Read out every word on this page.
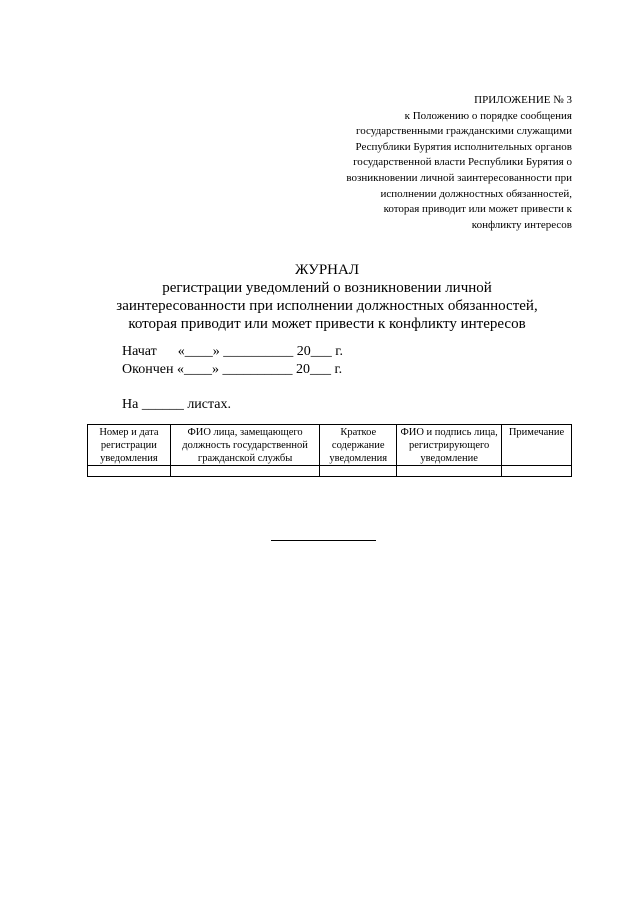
ПРИЛОЖЕНИЕ № 3
к Положению о порядке сообщения
государственными гражданскими служащими
Республики Бурятия исполнительных органов
государственной власти Республики Бурятия о
возникновении личной заинтересованности при
исполнении должностных обязанностей,
которая приводит или может привести к
конфликту интересов
ЖУРНАЛ
регистрации уведомлений о возникновении личной
заинтересованности при исполнении должностных обязанностей,
которая приводит или может привести к конфликту интересов
Начат      «____» __________ 20___ г.
Окончен «____» __________ 20___ г.
На ______ листах.
Номер и дата регистрации уведомления	ФИО лица, замещающего должность государственной гражданской службы	Краткое содержание уведомления	ФИО и подпись лица, регистрирующего уведомление	Примечание
